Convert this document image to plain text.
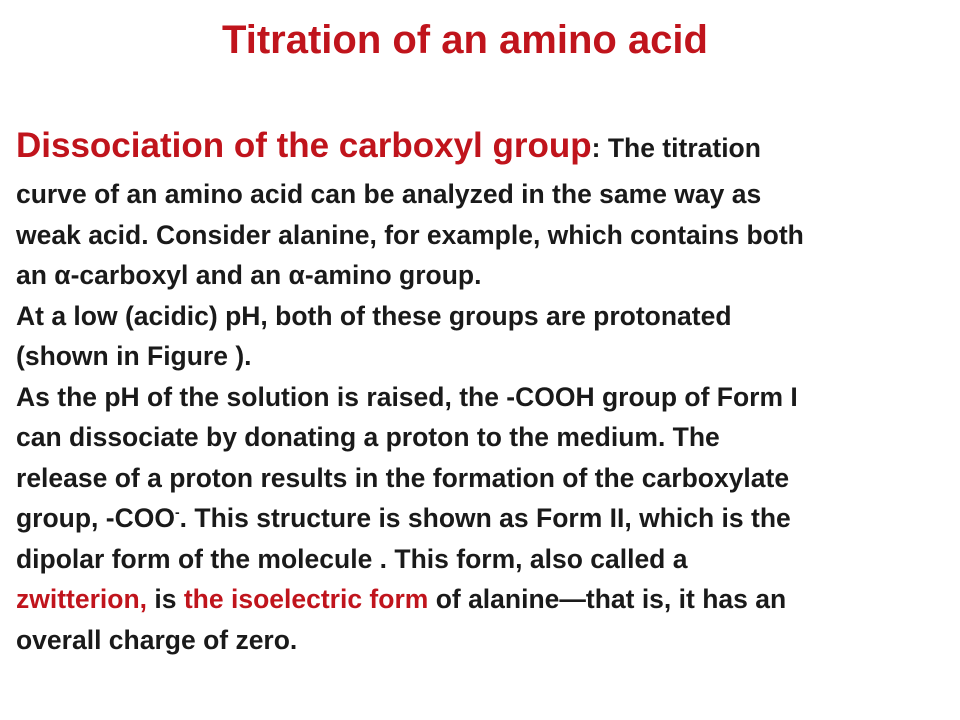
Titration of an amino acid
Dissociation of the carboxyl group: The titration
curve of an amino acid can be analyzed in the same way as
weak acid. Consider alanine, for example, which contains both
an α-carboxyl and an α-amino group.
At a low (acidic) pH, both of these groups are protonated
(shown in Figure ).
As the pH of the solution is raised, the -COOH group of Form I
can dissociate by donating a proton to the medium. The
release of a proton results in the formation of the carboxylate
group, -COO-. This structure is shown as Form II, which is the
dipolar form of the molecule . This form, also called a
zwitterion, is the isoelectric form of alanine—that is, it has an
overall charge of zero.
